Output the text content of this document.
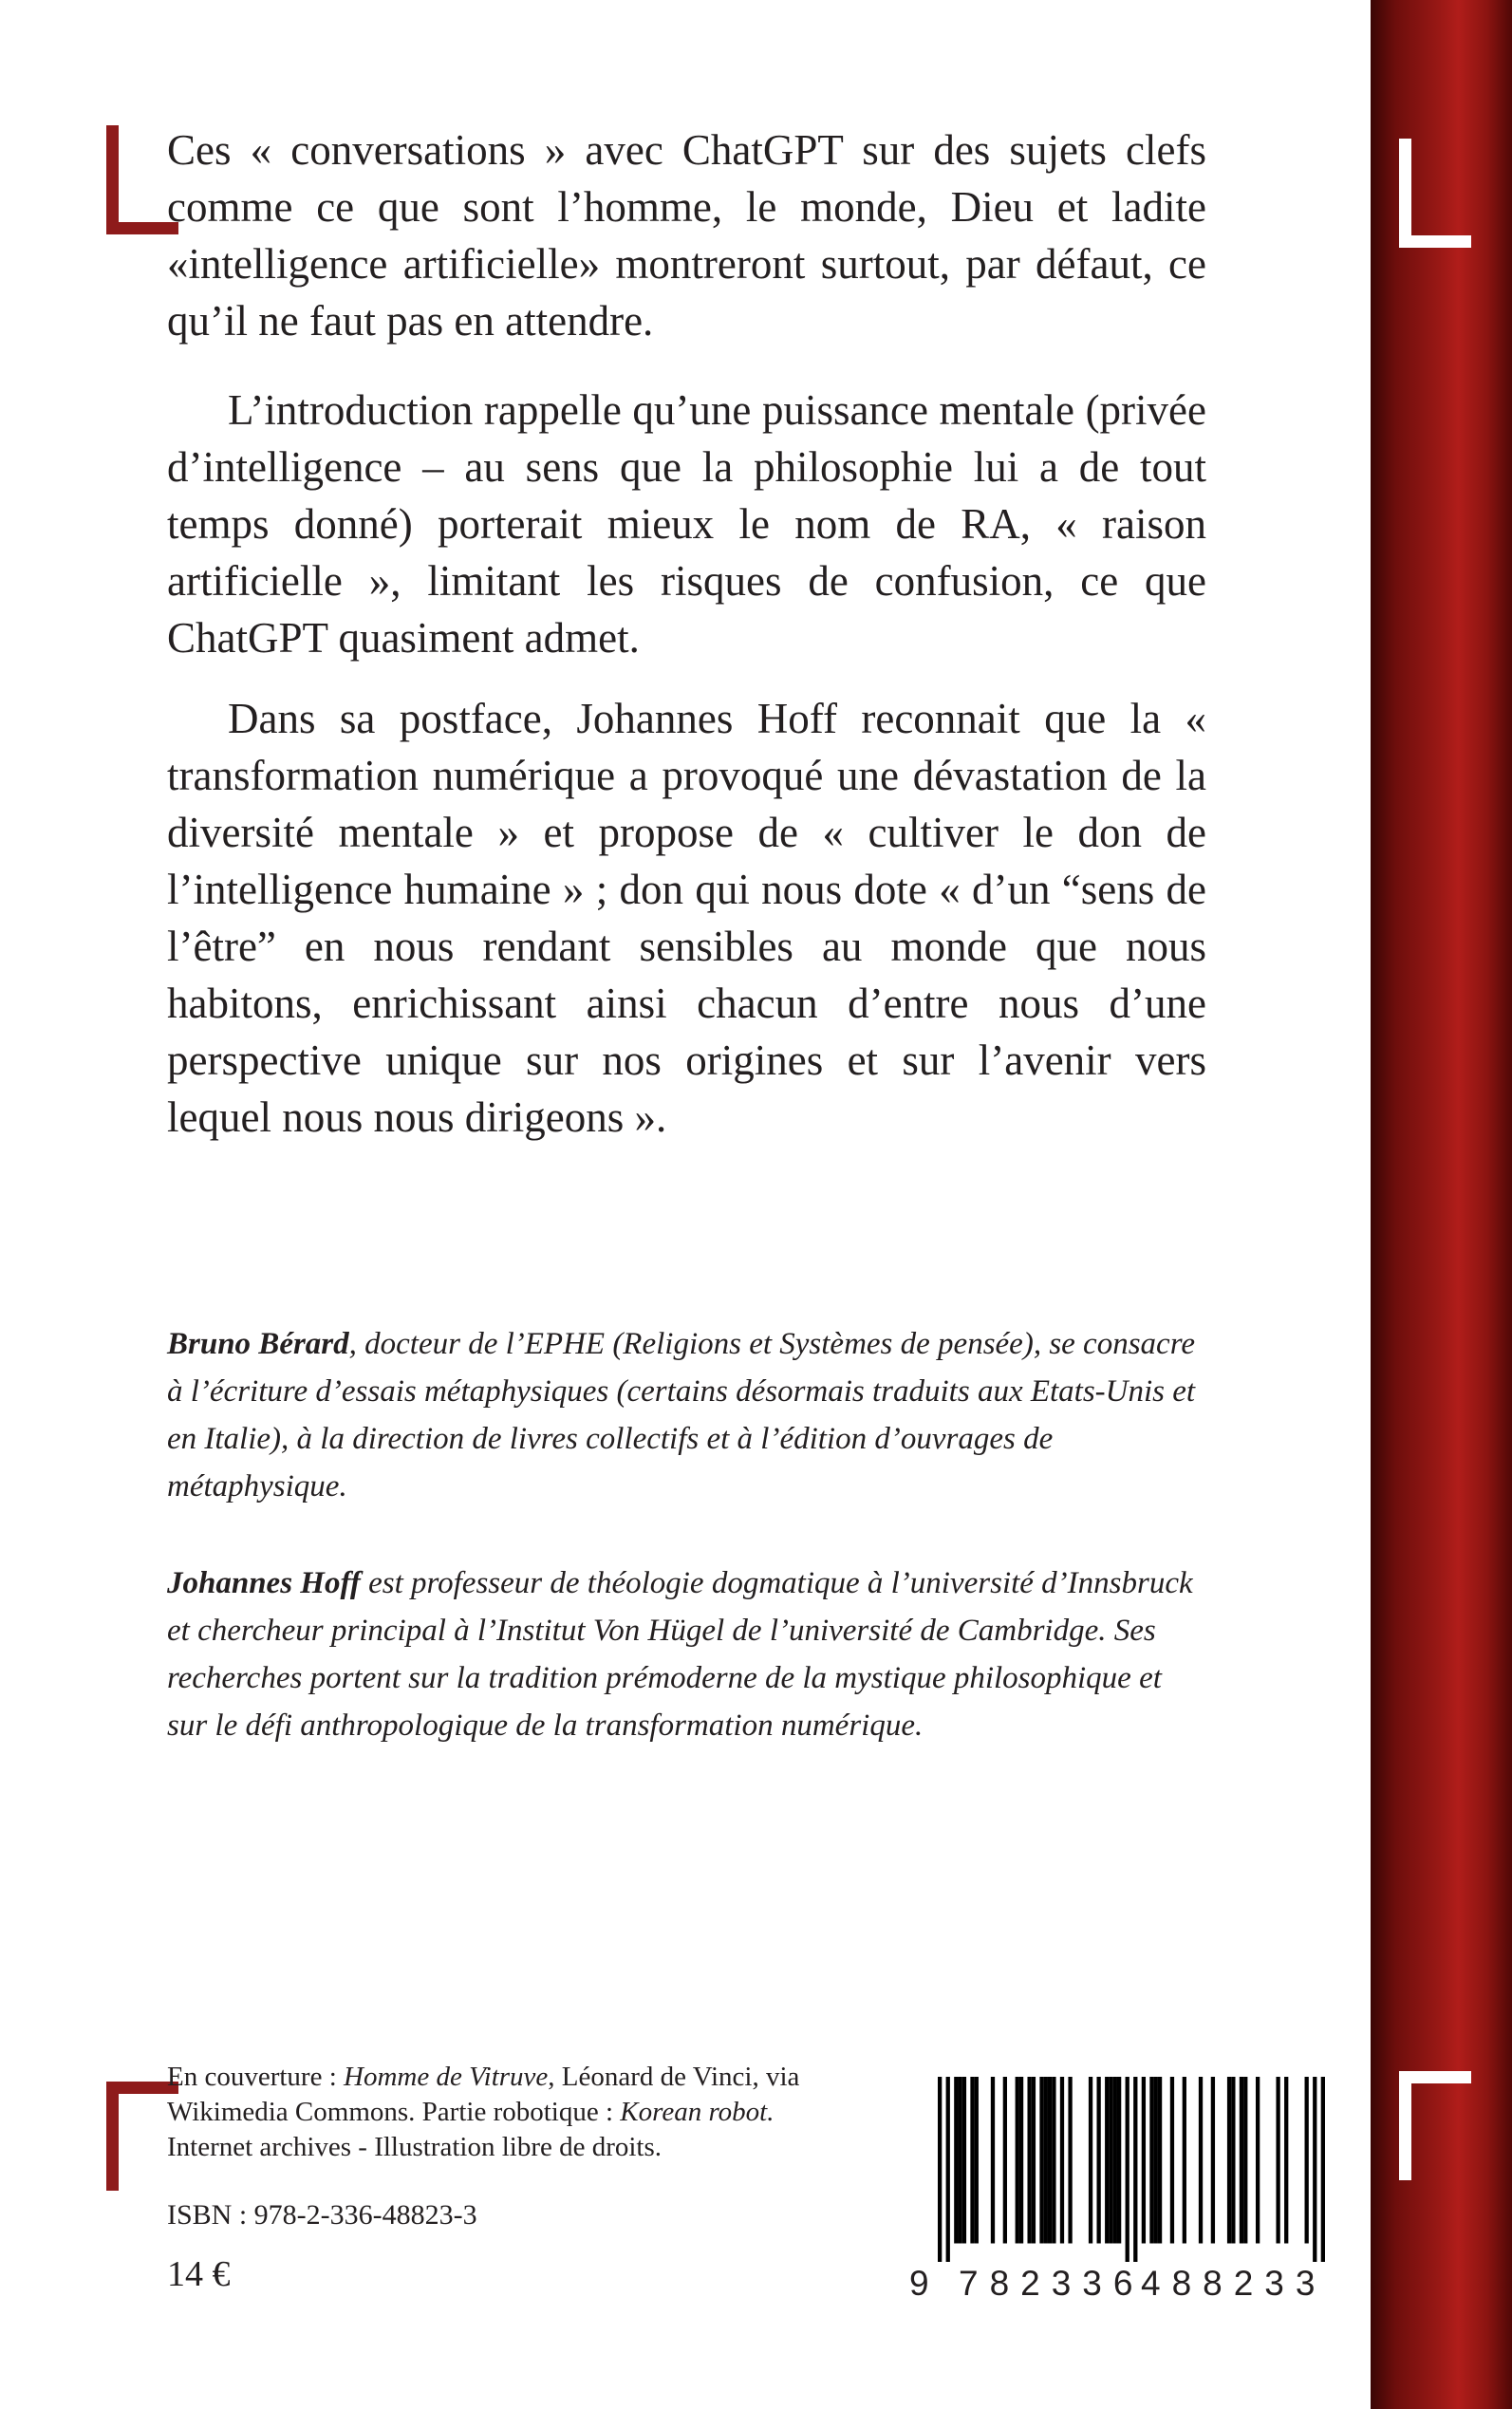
Ces « conversations » avec ChatGPT sur des sujets clefs comme ce que sont l’homme, le monde, Dieu et ladite «intelligence artificielle» montreront surtout, par défaut, ce qu’il ne faut pas en attendre.

L’introduction rappelle qu’une puissance mentale (privée d’intelligence – au sens que la philosophie lui a de tout temps donné) porterait mieux le nom de RA, « raison artificielle », limitant les risques de confusion, ce que ChatGPT quasiment admet.

Dans sa postface, Johannes Hoff reconnait que la « transformation numérique a provoqué une dévastation de la diversité mentale » et propose de « cultiver le don de l’intelligence humaine » ; don qui nous dote « d’un “sens de l’être” en nous rendant sensibles au monde que nous habitons, enrichissant ainsi chacun d’entre nous d’une perspective unique sur nos origines et sur l’avenir vers lequel nous nous dirigeons ».

Bruno Bérard, docteur de l’EPHE (Religions et Systèmes de pensée), se consacre à l’écriture d’essais métaphysiques (certains désormais traduits aux Etats-Unis et en Italie), à la direction de livres collectifs et à l’édition d’ouvrages de métaphysique.

Johannes Hoff est professeur de théologie dogmatique à l’université d’Innsbruck et chercheur principal à l’Institut Von Hügel de l’université de Cambridge. Ses recherches portent sur la tradition prémoderne de la mystique philosophique et sur le défi anthropologique de la transformation numérique.

En couverture : Homme de Vitruve, Léonard de Vinci, via Wikimedia Commons. Partie robotique : Korean robot.
Internet archives - Illustration libre de droits.

ISBN : 978-2-336-48823-3

14 €	9 782336
488233
